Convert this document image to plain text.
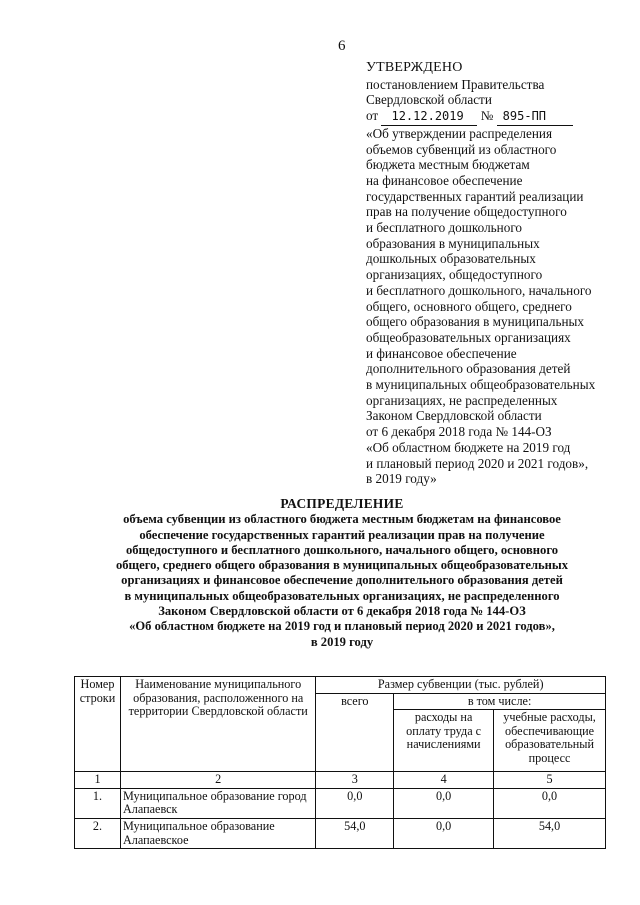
6
УТВЕРЖДЕНО
постановлением Правительства
Свердловской области
от 12.12.2019 № 895-ПП
«Об утверждении распределения
объемов субвенций из областного
бюджета местным бюджетам
на финансовое обеспечение
государственных гарантий реализации
прав на получение общедоступного
и бесплатного дошкольного
образования в муниципальных
дошкольных образовательных
организациях, общедоступного
и бесплатного дошкольного, начального
общего, основного общего, среднего
общего образования в муниципальных
общеобразовательных организациях
и финансовое обеспечение
дополнительного образования детей
в муниципальных общеобразовательных
организациях, не распределенных
Законом Свердловской области
от 6 декабря 2018 года № 144-ОЗ
«Об областном бюджете на 2019 год
и плановый период 2020 и 2021 годов»,
в 2019 году»
РАСПРЕДЕЛЕНИЕ
объема субвенции из областного бюджета местным бюджетам на финансовое
обеспечение государственных гарантий реализации прав на получение
общедоступного и бесплатного дошкольного, начального общего, основного
общего, среднего общего образования в муниципальных общеобразовательных
организациях и финансовое обеспечение дополнительного образования детей
в муниципальных общеобразовательных организациях, не распределенного
Законом Свердловской области от 6 декабря 2018 года № 144-ОЗ
«Об областном бюджете на 2019 год и плановый период 2020 и 2021 годов»,
в 2019 году
Номер строки	Наименование муниципального образования, расположенного на территории Свердловской области	Размер субвенции (тыс. рублей)		
		всего	в том числе:	
			расходы на оплату труда с начислениями	учебные расходы, обеспечивающие образовательный процесс
1	2	3	4	5
1.	Муниципальное образование город Алапаевск	0,0	0,0	0,0
2.	Муниципальное образование Алапаевское	54,0	0,0	54,0
